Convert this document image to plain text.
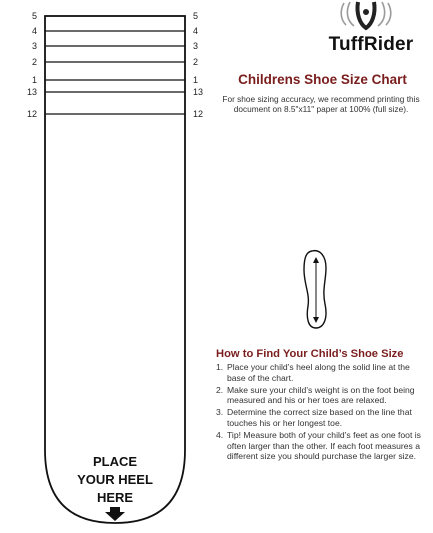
5	5
4	4
3	3
2	2
1	1
13	13
12	12
PLACE
YOUR HEEL
HERE
TuffRider
Childrens Shoe Size Chart
For shoe sizing accuracy, we recommend printing this document on 8.5"x11" paper at 100% (full size).
How to Find Your Child’s Shoe Size
1. Place your child’s heel along the solid line at the base of the chart.
2. Make sure your child’s weight is on the foot being measured and his or her toes are relaxed.
3. Determine the correct size based on the line that touches his or her longest toe.
4. Tip! Measure both of your child’s feet as one foot is often larger than the other. If each foot measures a different size you should purchase the larger size.
